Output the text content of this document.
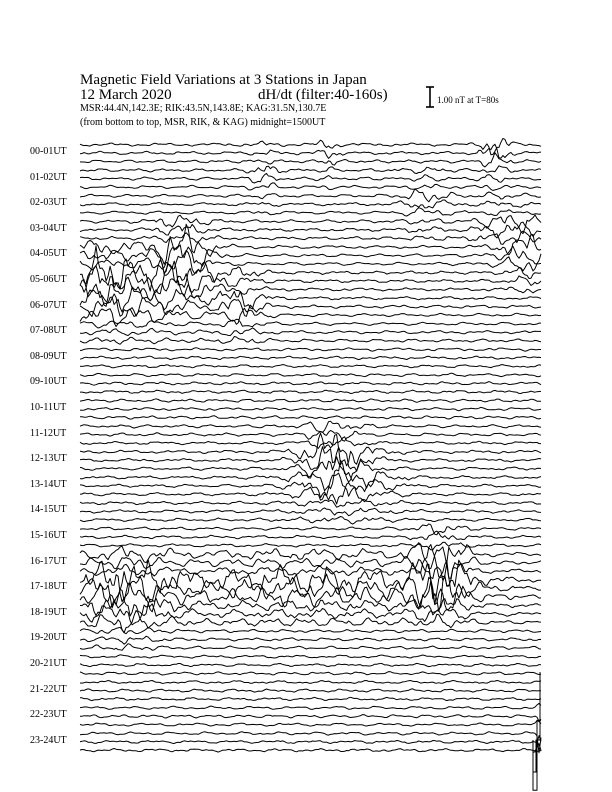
Magnetic Field Variations at 3 Stations in Japan
12 March 2020	dH/dt (filter:40-160s)
MSR:44.4N,142.3E; RIK:43.5N,143.8E; KAG:31.5N,130.7E
(from bottom to top, MSR, RIK, & KAG) midnight=1500UT
1.00 nT at T=80s
00-01UT
01-02UT
02-03UT
03-04UT
04-05UT
05-06UT
06-07UT
07-08UT
08-09UT
09-10UT
10-11UT
11-12UT
12-13UT
13-14UT
14-15UT
15-16UT
16-17UT
17-18UT
18-19UT
19-20UT
20-21UT
21-22UT
22-23UT
23-24UT
